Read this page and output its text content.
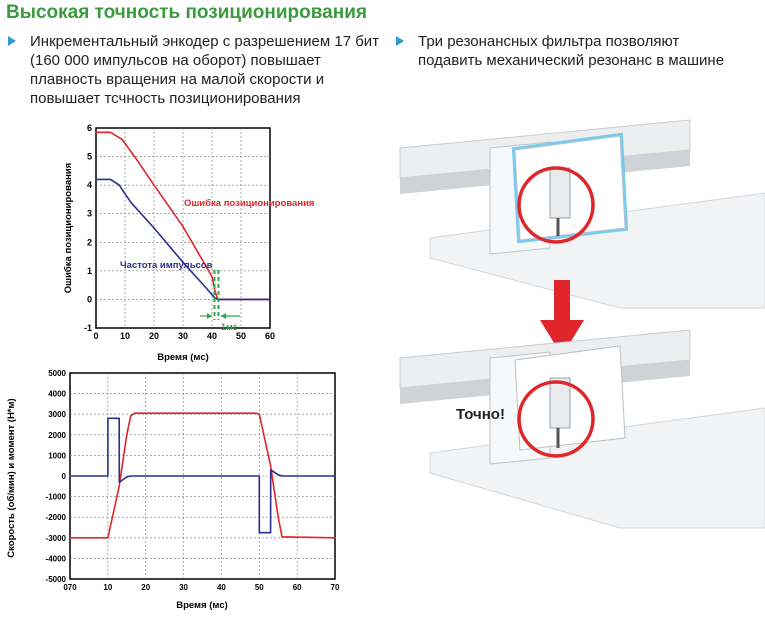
Высокая точность позиционирования
Инкрементальный энкодер с разрешением 17 бит (160 000 импульсов на оборот) повышает плавность вращения на малой скорости и повышает тсчность позиционирования
Три резонансных фильтра позволяют подавить механический резонанс в машине
0 10 20 30 40 50 60
-1
0
1
2
3
4
5
6
1мс
Ошибка позиционирования
Частота импульсов
Ошибка позиционирования
Время (мс)
070	10	20	30	40	50	60	70
5000
4000
3000
2000
1000
0
-1000
-2000
-3000
-4000
-5000
Скорость (об/мин) и момент (Н*м)
Время (мс)
Точно!
